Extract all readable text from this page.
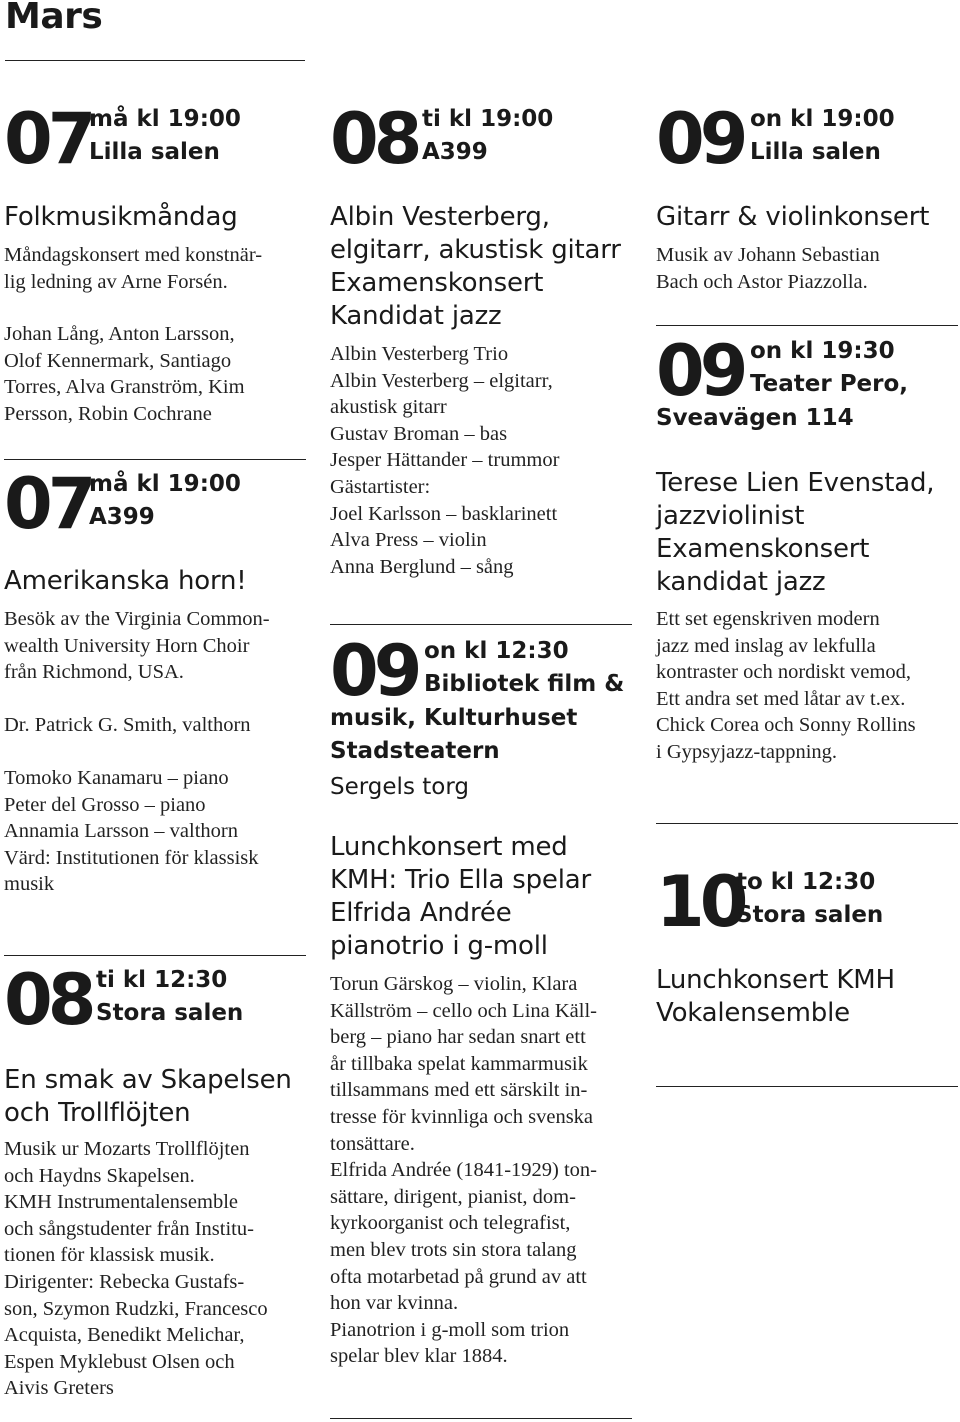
Mars
07
må kl 19:00
Lilla salen
Folkmusikmåndag
Måndagskonsert med konstnär-
lig ledning av Arne Forsén.
Johan Lång, Anton Larsson,
Olof Kennermark, Santiago
Torres, Alva Granström, Kim
Persson, Robin Cochrane
07
må kl 19:00
A399
Amerikanska horn!
Besök av the Virginia Common-
wealth University Horn Choir
från Richmond, USA.
Dr. Patrick G. Smith, valthorn
Tomoko Kanamaru – piano
Peter del Grosso – piano
Annamia Larsson – valthorn
Värd: Institutionen för klassisk
musik
08 ti kl 12:30
Stora salen
En smak av Skapelsen
och Trollflöjten
Musik ur Mozarts Trollflöjten
och Haydns Skapelsen.
KMH Instrumentalensemble
och sångstudenter från Institu-
tionen för klassisk musik.
Dirigenter: Rebecka Gustafs-
son, Szymon Rudzki, Francesco
Acquista, Benedikt Melichar,
Espen Myklebust Olsen och
Aivis Greters
08 ti kl 19:00
A399
Albin Vesterberg,
elgitarr, akustisk gitarr
Examenskonsert
Kandidat jazz
Albin Vesterberg Trio
Albin Vesterberg – elgitarr,
akustisk gitarr
Gustav Broman – bas
Jesper Hättander – trummor
Gästartister:
Joel Karlsson – basklarinett
Alva Press – violin
Anna Berglund – sång
09 on kl 12:30
Bibliotek film &
musik, Kulturhuset
Stadsteatern
Sergels torg
Lunchkonsert med
KMH: Trio Ella spelar
Elfrida Andrée
pianotrio i g-moll
Torun Gärskog – violin, Klara
Källström – cello och Lina Käll-
berg – piano har sedan snart ett
år tillbaka spelat kammarmusik
tillsammans med ett särskilt in-
tresse för kvinnliga och svenska
tonsättare.
Elfrida Andrée (1841-1929) ton-
sättare, dirigent, pianist, dom-
kyrkoorganist och telegrafist,
men blev trots sin stora talang
ofta motarbetad på grund av att
hon var kvinna.
Pianotrion i g-moll som trion
spelar blev klar 1884.
09 on kl 19:00
Lilla salen
Gitarr & violinkonsert
Musik av Johann Sebastian
Bach och Astor Piazzolla.
09 on kl 19:30
Teater Pero,
Sveavägen 114
Terese Lien Evenstad,
jazzviolinist
Examenskonsert
kandidat jazz
Ett set egenskriven modern
jazz med inslag av lekfulla
kontraster och nordiskt vemod,
Ett andra set med låtar av t.ex.
Chick Corea och Sonny Rollins
i Gypsyjazz-tappning.
10
to kl 12:30
Stora salen
Lunchkonsert KMH
Vokalensemble
